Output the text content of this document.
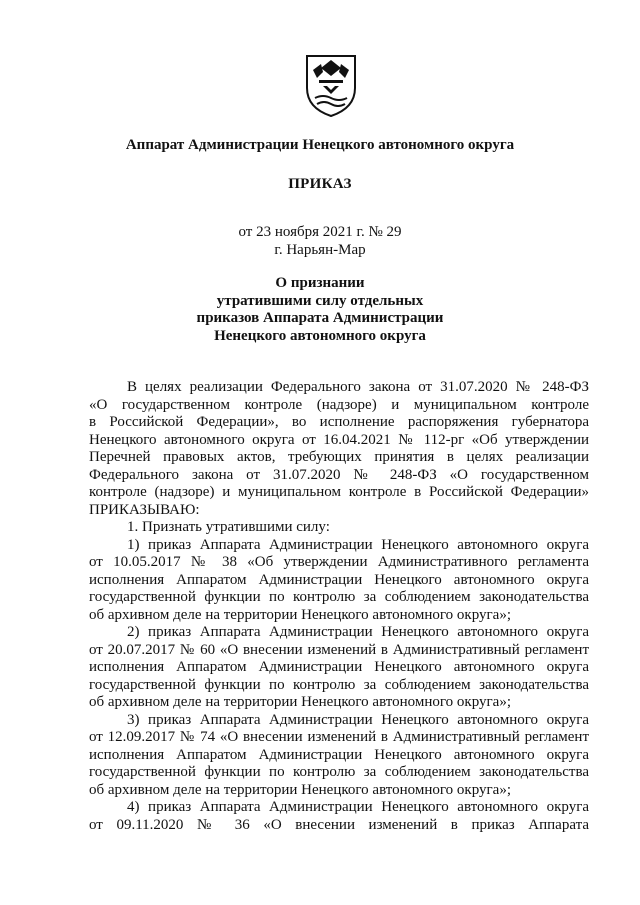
Аппарат Администрации Ненецкого автономного округа
ПРИКАЗ
от 23 ноября 2021 г. № 29
г. Нарьян-Мар
О признании
утратившими силу отдельных
приказов Аппарата Администрации
Ненецкого автономного округа
В целях реализации Федерального закона от 31.07.2020 № 248-ФЗ
«О государственном контроле (надзоре) и муниципальном контроле
в Российской Федерации», во исполнение распоряжения губернатора
Ненецкого автономного округа от 16.04.2021 № 112-рг «Об утверждении
Перечней правовых актов, требующих принятия в целях реализации
Федерального закона от 31.07.2020 № 248-ФЗ «О государственном
контроле (надзоре) и муниципальном контроле в Российской Федерации»
ПРИКАЗЫВАЮ:
1. Признать утратившими силу:
1) приказ Аппарата Администрации Ненецкого автономного округа
от 10.05.2017 № 38 «Об утверждении Административного регламента
исполнения Аппаратом Администрации Ненецкого автономного округа
государственной функции по контролю за соблюдением законодательства
об архивном деле на территории Ненецкого автономного округа»;
2) приказ Аппарата Администрации Ненецкого автономного округа
от 20.07.2017 № 60 «О внесении изменений в Административный регламент
исполнения Аппаратом Администрации Ненецкого автономного округа
государственной функции по контролю за соблюдением законодательства
об архивном деле на территории Ненецкого автономного округа»;
3) приказ Аппарата Администрации Ненецкого автономного округа
от 12.09.2017 № 74 «О внесении изменений в Административный регламент
исполнения Аппаратом Администрации Ненецкого автономного округа
государственной функции по контролю за соблюдением законодательства
об архивном деле на территории Ненецкого автономного округа»;
4) приказ Аппарата Администрации Ненецкого автономного округа
от 09.11.2020 № 36 «О внесении изменений в приказ Аппарата
